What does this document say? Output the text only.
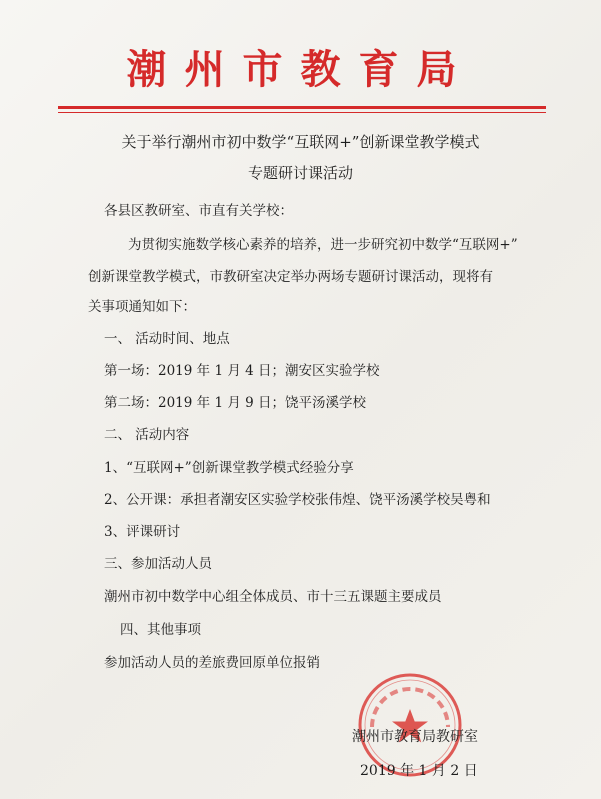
潮州市教育局
关于举行潮州市初中数学“互联网+”创新课堂教学模式
专题研讨课活动
各县区教研室、市直有关学校：
为贯彻实施数学核心素养的培养，进一步研究初中数学“互联网+”
创新课堂教学模式，市教研室决定举办两场专题研讨课活动，现将有
关事项通知如下：
一、 活动时间、地点
第一场：2019 年 1 月 4 日；潮安区实验学校
第二场：2019 年 1 月 9 日；饶平汤溪学校
二、 活动内容
1、“互联网+”创新课堂教学模式经验分享
2、公开课：承担者潮安区实验学校张伟煌、饶平汤溪学校吴粤和
3、评课研讨
三、参加活动人员
潮州市初中数学中心组全体成员、市十三五课题主要成员
四、其他事项
参加活动人员的差旅费回原单位报销
潮州市教育局教研室
2019 年 1 月 2 日
